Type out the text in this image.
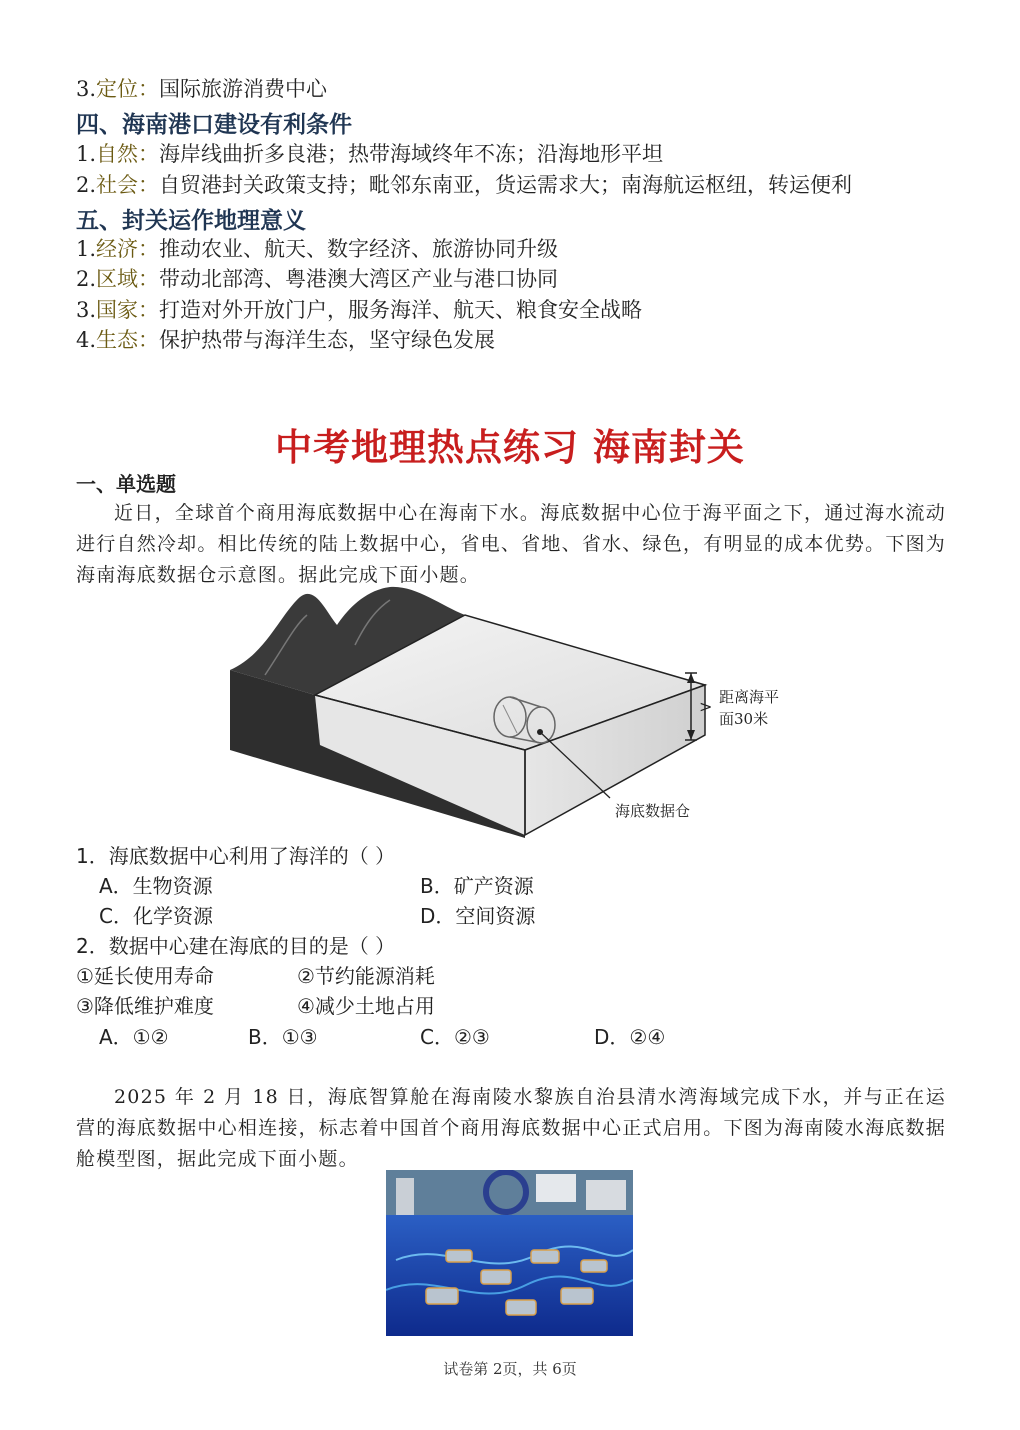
3.定位：国际旅游消费中心
四、海南港口建设有利条件
1.自然：海岸线曲折多良港；热带海域终年不冻；沿海地形平坦
2.社会：自贸港封关政策支持；毗邻东南亚，货运需求大；南海航运枢纽，转运便利
五、封关运作地理意义
1.经济：推动农业、航天、数字经济、旅游协同升级
2.区域：带动北部湾、粤港澳大湾区产业与港口协同
3.国家：打造对外开放门户，服务海洋、航天、粮食安全战略
4.生态：保护热带与海洋生态，坚守绿色发展
中考地理热点练习 海南封关
一、单选题
近日，全球首个商用海底数据中心在海南下水。海底数据中心位于海平面之下，通过海水流动进行自然冷却。相比传统的陆上数据中心，省电、省地、省水、绿色，有明显的成本优势。下图为海南海底数据仓示意图。据此完成下面小题。
海底数据仓
> 距离海平
面30米
1．海底数据中心利用了海洋的（ ）
A．生物资源	B．矿产资源
C．化学资源	D．空间资源
2．数据中心建在海底的目的是（ ）
①延长使用寿命	②节约能源消耗
③降低维护难度	④减少土地占用
A．①②	B．①③	C．②③	D．②④
2025 年 2 月 18 日，海底智算舱在海南陵水黎族自治县清水湾海域完成下水，并与正在运营的海底数据中心相连接，标志着中国首个商用海底数据中心正式启用。下图为海南陵水海底数据舱模型图，据此完成下面小题。
试卷第 2页，共 6页
